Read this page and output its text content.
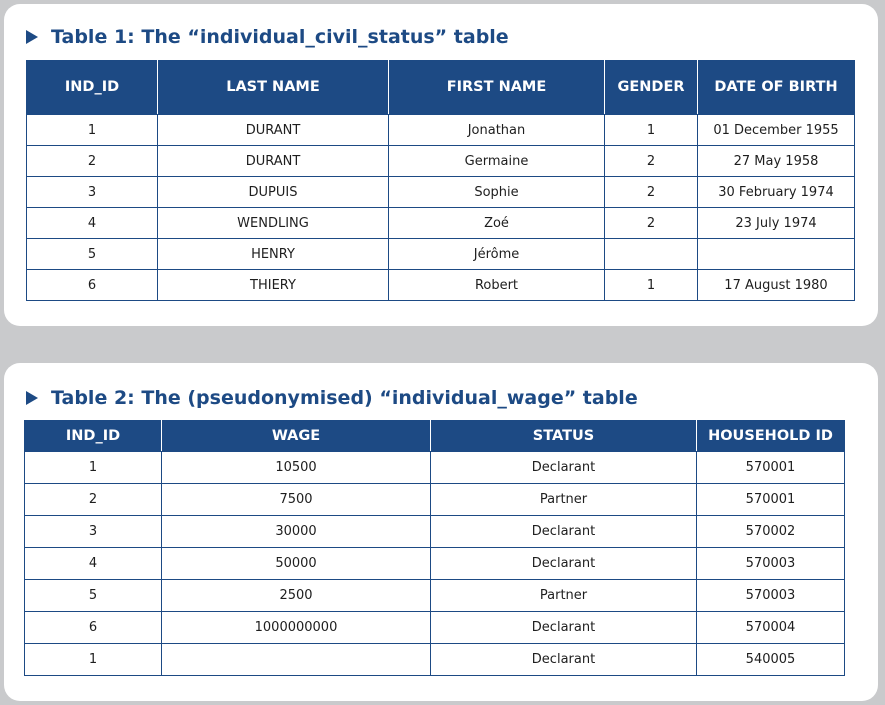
Table 1: The “individual_civil_status” table
IND_ID	LAST NAME	FIRST NAME	GENDER	DATE OF BIRTH
1	DURANT	Jonathan	1	01 December 1955
2	DURANT	Germaine	2	27 May 1958
3	DUPUIS	Sophie	2	30 February 1974
4	WENDLING	Zoé	2	23 July 1974
5	HENRY	Jérôme		
6	THIERY	Robert	1	17 August 1980
Table 2: The (pseudonymised) “individual_wage” table
IND_ID	WAGE	STATUS	HOUSEHOLD ID
1	10500	Declarant	570001
2	7500	Partner	570001
3	30000	Declarant	570002
4	50000	Declarant	570003
5	2500	Partner	570003
6	1000000000	Declarant	570004
1		Declarant	540005
